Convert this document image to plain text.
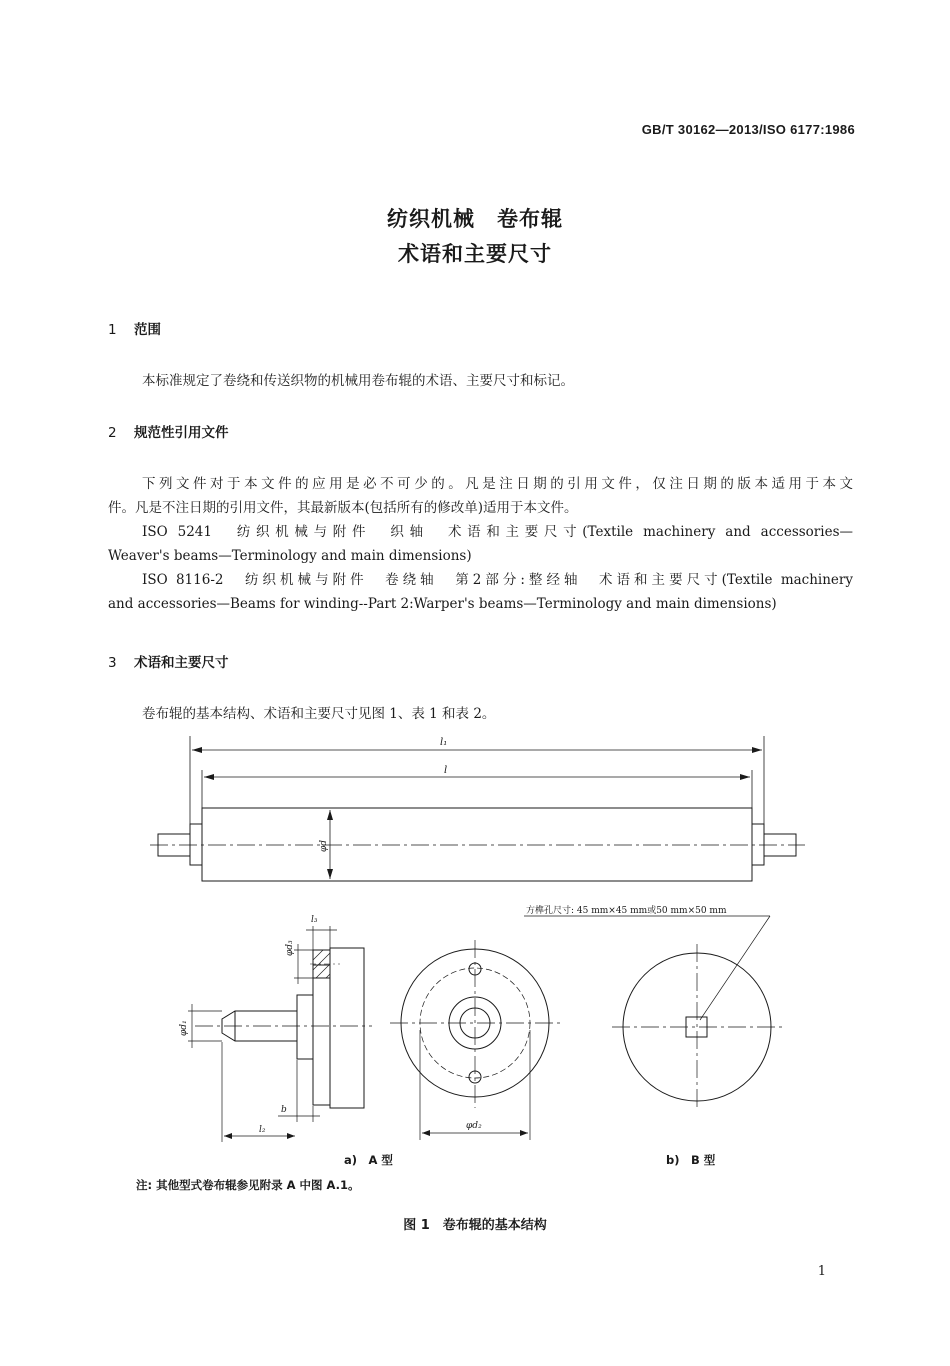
GB/T 30162—2013/ISO 6177:1986
纺织机械　卷布辊
术语和主要尺寸
1 范围
本标准规定了卷绕和传送织物的机械用卷布辊的术语、主要尺寸和标记。
2 规范性引用文件
下列文件对于本文件的应用是必不可少的。凡是注日期的引用文件，仅注日期的版本适用于本文
件。凡是不注日期的引用文件，其最新版本(包括所有的修改单)适用于本文件。
ISO 5241　纺织机械与附件　织轴　术语和主要尺寸(Textile machinery and accessories—
Weaver's beams—Terminology and main dimensions)
ISO 8116-2　纺织机械与附件　卷绕轴　第2部分:整经轴　术语和主要尺寸(Textile machinery
and accessories—Beams for winding--Part 2:Warper's beams—Terminology and main dimensions)
3 术语和主要尺寸
卷布辊的基本结构、术语和主要尺寸见图 1、表 1 和表 2。
l₁
l
φd
l₃
φd₃
φd₁
b
l₂	φd₂
方榫孔尺寸: 45 mm×45 mm或50 mm×50 mm
a)　A 型	b)　B 型
注: 其他型式卷布辊参见附录 A 中图 A.1。
图 1　卷布辊的基本结构
1
